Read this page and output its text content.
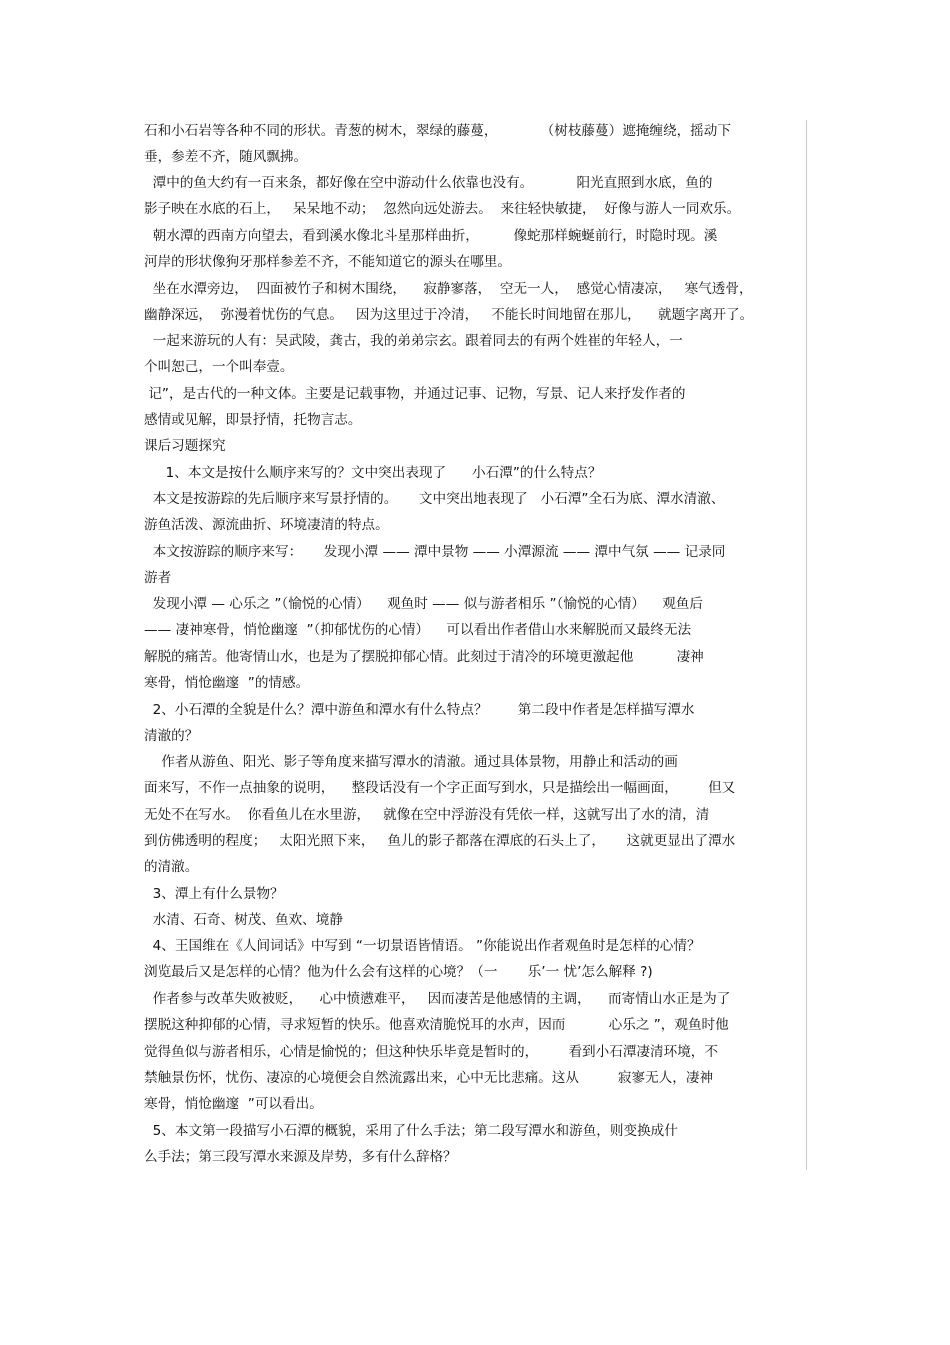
石和小石岩等各种不同的形状。青葱的树木，翠绿的藤蔓，          （树枝藤蔓）遮掩缠绕，摇动下
垂，参差不齐，随风飘拂。
潭中的鱼大约有一百来条，都好像在空中游动什么依靠也没有。          阳光直照到水底，鱼的
影子映在水底的石上，   呆呆地不动；  忽然向远处游去。  来往轻快敏捷，  好像与游人一同欢乐。
朝水潭的西南方向望去，看到溪水像北斗星那样曲折，        像蛇那样蜿蜒前行，时隐时现。溪
河岸的形状像狗牙那样参差不齐，不能知道它的源头在哪里。
坐在水潭旁边，  四面被竹子和树木围绕，    寂静寥落，  空无一人，  感觉心情凄凉，   寒气透骨，
幽静深远，  弥漫着忧伤的气息。   因为这里过于冷清，   不能长时间地留在那儿，    就题字离开了。
一起来游玩的人有：吴武陵，龚古，我的弟弟宗玄。跟着同去的有两个姓崔的年轻人，一
个叫恕己，一个叫奉壹。
记”，是古代的一种文体。主要是记载事物，并通过记事、记物，写景、记人来抒发作者的
感情或见解，即景抒情，托物言志。
课后习题探究
1、本文是按什么顺序来写的？文中突出表现了      小石潭”的什么特点？
本文是按游踪的先后顺序来写景抒情的。     文中突出地表现了   小石潭”全石为底、潭水清澈、
游鱼活泼、源流曲折、环境凄清的特点。
本文按游踪的顺序来写：     发现小潭 —— 潭中景物 —— 小潭源流 —— 潭中气氛 —— 记录同
游者
发现小潭 — 心乐之 ”（愉悦的心情）    观鱼时 —— 似与游者相乐 ”（愉悦的心情）    观鱼后
—— 凄神寒骨，悄怆幽邃  ”（抑郁忧伤的心情）    可以看出作者借山水来解脱而又最终无法
解脱的痛苦。他寄情山水，也是为了摆脱抑郁心情。此刻过于清冷的环境更激起他          凄神
寒骨，悄怆幽邃  ”的情感。
2、小石潭的全貌是什么？潭中游鱼和潭水有什么特点？       第二段中作者是怎样描写潭水
清澈的？
作者从游鱼、阳光、影子等角度来描写潭水的清澈。通过具体景物，用静止和活动的画
面来写，不作一点抽象的说明，    整段话没有一个字正面写到水，只是描绘出一幅画面，       但又
无处不在写水。  你看鱼儿在水里游，   就像在空中浮游没有凭依一样，这就写出了水的清，清
到仿佛透明的程度；   太阳光照下来，   鱼儿的影子都落在潭底的石头上了，     这就更显出了潭水
的清澈。
3、潭上有什么景物？
水清、石奇、树茂、鱼欢、境静
4、王国维在《人间词话》中写到 “一切景语皆情语。 ”你能说出作者观鱼时是怎样的心情？
浏览最后又是怎样的心情？他为什么会有这样的心境？（一       乐’一 忧’怎么解释 ?)
作者参与改革失败被贬，    心中愤懑难平，   因而凄苦是他感情的主调，    而寄情山水正是为了
摆脱这种抑郁的心情，寻求短暂的快乐。他喜欢清脆悦耳的水声，因而          心乐之 ”，观鱼时他
觉得鱼似与游者相乐，心情是愉悦的；但这种快乐毕竟是暂时的，       看到小石潭凄清环境，不
禁触景伤怀，忧伤、凄凉的心境便会自然流露出来，心中无比悲痛。这从         寂寥无人，凄神
寒骨，悄怆幽邃  ”可以看出。
5、本文第一段描写小石潭的概貌，采用了什么手法；第二段写潭水和游鱼，则变换成什
么手法；第三段写潭水来源及岸势，多有什么辞格？
